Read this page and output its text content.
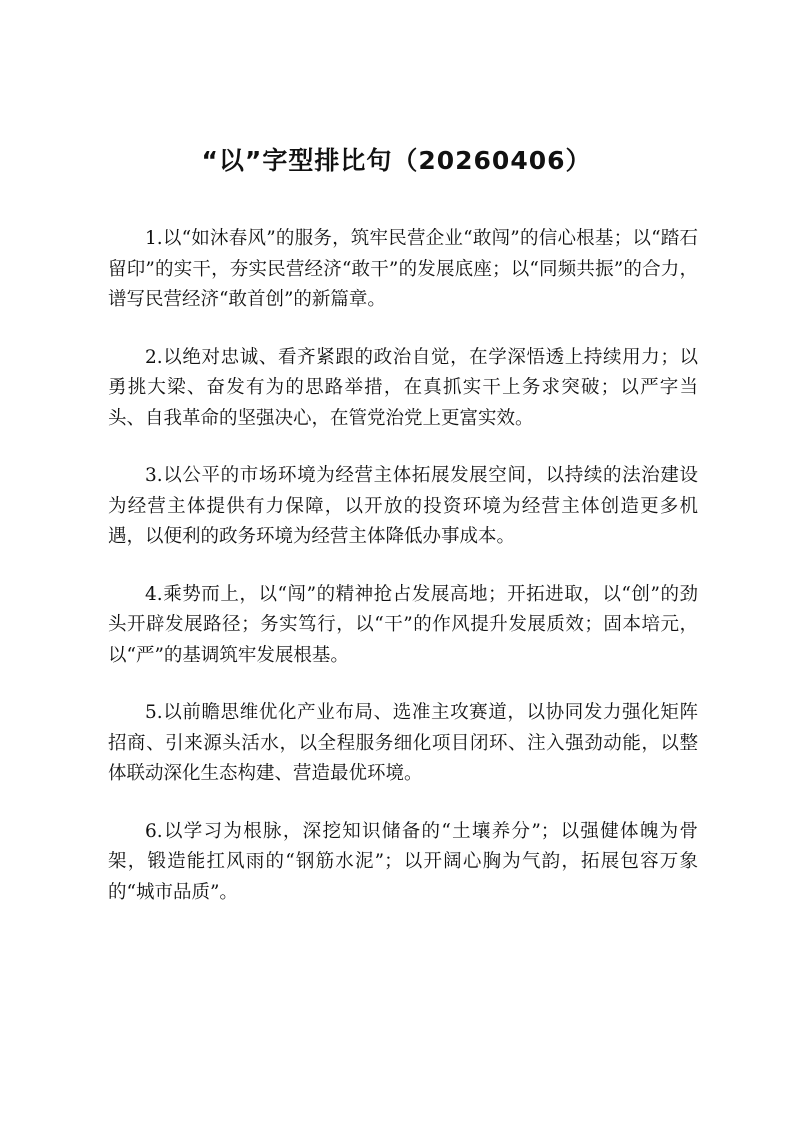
“以”字型排比句（20260406）

1.以“如沐春风”的服务，筑牢民营企业“敢闯”的信心根基；以“踏石留印”的实干，夯实民营经济“敢干”的发展底座；以“同频共振”的合力，谱写民营经济“敢首创”的新篇章。

2.以绝对忠诚、看齐紧跟的政治自觉，在学深悟透上持续用力；以勇挑大梁、奋发有为的思路举措，在真抓实干上务求突破；以严字当头、自我革命的坚强决心，在管党治党上更富实效。

3.以公平的市场环境为经营主体拓展发展空间，以持续的法治建设为经营主体提供有力保障，以开放的投资环境为经营主体创造更多机遇，以便利的政务环境为经营主体降低办事成本。

4.乘势而上，以“闯”的精神抢占发展高地；开拓进取，以“创”的劲头开辟发展路径；务实笃行，以“干”的作风提升发展质效；固本培元，以“严”的基调筑牢发展根基。

5.以前瞻思维优化产业布局、选准主攻赛道，以协同发力强化矩阵招商、引来源头活水，以全程服务细化项目闭环、注入强劲动能，以整体联动深化生态构建、营造最优环境。

6.以学习为根脉，深挖知识储备的“土壤养分”；以强健体魄为骨架，锻造能扛风雨的“钢筋水泥”；以开阔心胸为气韵，拓展包容万象的“城市品质”。
